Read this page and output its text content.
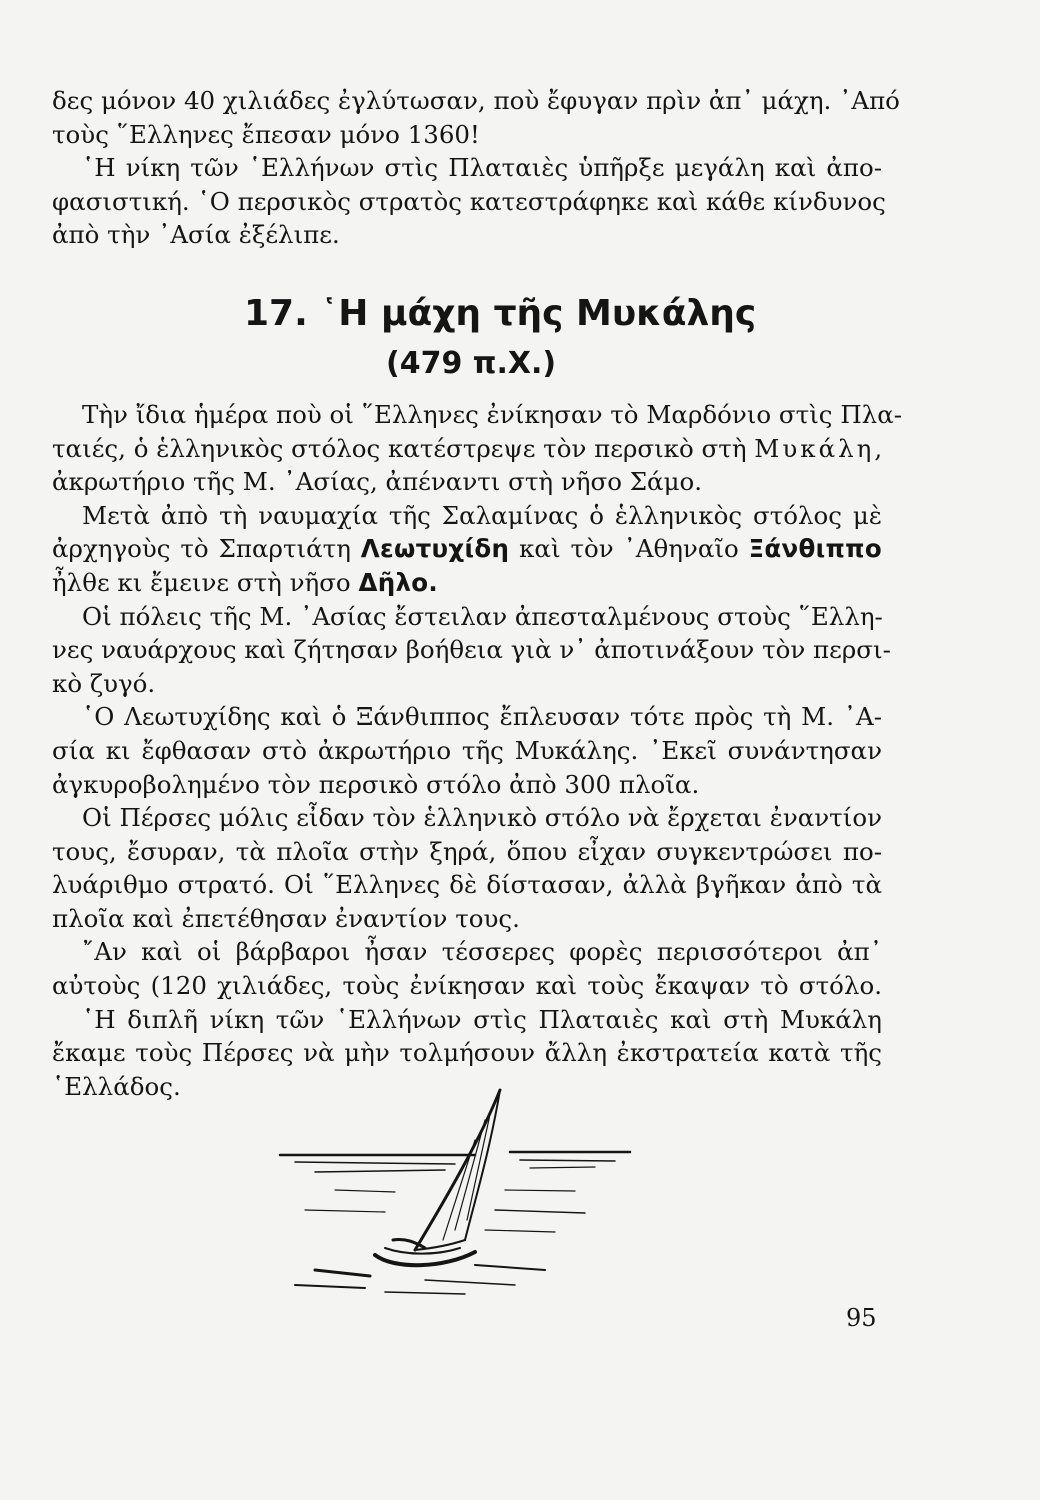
δες μόνον 40 χιλιάδες ἐγλύτωσαν, ποὺ ἔφυγαν πρὶν ἀπ᾽ μάχη. ᾽Από
τοὺς ῞Ελληνες ἔπεσαν μόνο 1360!
῾Η νίκη τῶν ῾Ελλήνων στὶς Πλαταιὲς ὑπῆρξε μεγάλη καὶ ἀπο-
φασιστική. ῾Ο περσικὸς στρατὸς κατεστράφηκε καὶ κάθε κίνδυνος
ἀπὸ τὴν ᾽Ασία ἐξέλιπε.
17. ῾Η μάχη τῆς Μυκάλης
(479 π.Χ.)
Τὴν ἴδια ἡμέρα ποὺ οἱ ῞Ελληνες ἐνίκησαν τὸ Μαρδόνιο στὶς Πλα-
ταιές, ὁ ἑλληνικὸς στόλος κατέστρεψε τὸν περσικὸ στὴ Μυκάλη,
ἀκρωτήριο τῆς Μ. ᾽Ασίας, ἀπέναντι στὴ νῆσο Σάμο.
Μετὰ ἀπὸ τὴ ναυμαχία τῆς Σαλαμίνας ὁ ἑλληνικὸς στόλος μὲ
ἀρχηγοὺς τὸ Σπαρτιάτη Λεωτυχίδη καὶ τὸν ᾽Αθηναῖο Ξάνθιππο
ἦλθε κι ἔμεινε στὴ νῆσο Δῆλο.
Οἱ πόλεις τῆς Μ. ᾽Ασίας ἔστειλαν ἀπεσταλμένους στοὺς ῞Ελλη-
νες ναυάρχους καὶ ζήτησαν βοήθεια γιὰ ν᾽ ἀποτινάξουν τὸν περσι-
κὸ ζυγό.
῾Ο Λεωτυχίδης καὶ ὁ Ξάνθιππος ἔπλευσαν τότε πρὸς τὴ Μ. ᾽Α-
σία κι ἔφθασαν στὸ ἀκρωτήριο τῆς Μυκάλης. ᾽Εκεῖ συνάντησαν
ἀγκυροβολημένο τὸν περσικὸ στόλο ἀπὸ 300 πλοῖα.
Οἱ Πέρσες μόλις εἶδαν τὸν ἑλληνικὸ στόλο νὰ ἔρχεται ἐναντίον
τους, ἔσυραν, τὰ πλοῖα στὴν ξηρά, ὅπου εἶχαν συγκεντρώσει πο-
λυάριθμο στρατό. Οἱ ῞Ελληνες δὲ δίστασαν, ἀλλὰ βγῆκαν ἀπὸ τὰ
πλοῖα καὶ ἐπετέθησαν ἐναντίον τους.
῎Αν καὶ οἱ βάρβαροι ἦσαν τέσσερες φορὲς περισσότεροι ἀπ᾽
αὐτοὺς (120 χιλιάδες, τοὺς ἐνίκησαν καὶ τοὺς ἔκαψαν τὸ στόλο.
῾Η διπλῆ νίκη τῶν ῾Ελλήνων στὶς Πλαταιὲς καὶ στὴ Μυκάλη
ἔκαμε τοὺς Πέρσες νὰ μὴν τολμήσουν ἄλλη ἐκστρατεία κατὰ τῆς
῾Ελλάδος.
95
